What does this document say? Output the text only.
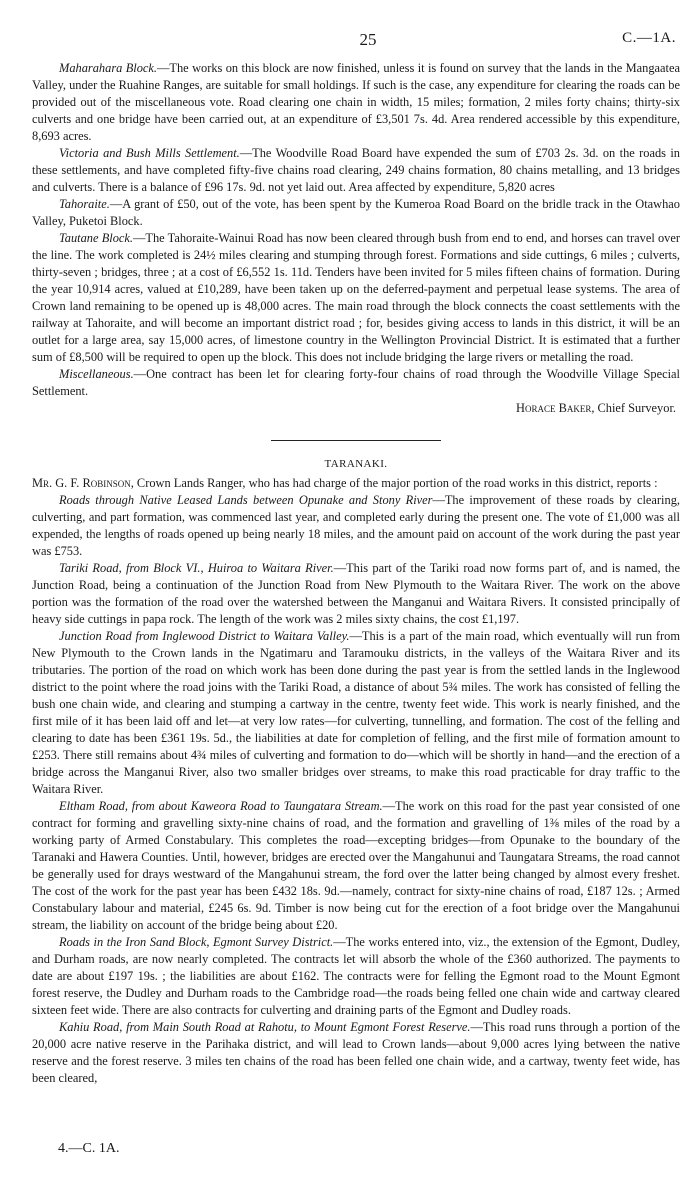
25	C.—1A.

Maharahara Block.—The works on this block are now finished, unless it is found on survey that the lands in the Mangaatea Valley, under the Ruahine Ranges, are suitable for small holdings. If such is the case, any expenditure for clearing the roads can be provided out of the miscellaneous vote. Road clearing one chain in width, 15 miles; formation, 2 miles forty chains; thirty-six culverts and one bridge have been carried out, at an expenditure of £3,501 7s. 4d. Area rendered accessible by this expenditure, 8,693 acres.

Victoria and Bush Mills Settlement.—The Woodville Road Board have expended the sum of £703 2s. 3d. on the roads in these settlements, and have completed fifty-five chains road clearing, 249 chains formation, 80 chains metalling, and 13 bridges and culverts. There is a balance of £96 17s. 9d. not yet laid out. Area affected by expenditure, 5,820 acres

Tahoraite.—A grant of £50, out of the vote, has been spent by the Kumeroa Road Board on the bridle track in the Otawhao Valley, Puketoi Block.

Tautane Block.—The Tahoraite-Wainui Road has now been cleared through bush from end to end, and horses can travel over the line. The work completed is 24½ miles clearing and stumping through forest. Formations and side cuttings, 6 miles ; culverts, thirty-seven ; bridges, three ; at a cost of £6,552 1s. 11d. Tenders have been invited for 5 miles fifteen chains of formation. During the year 10,914 acres, valued at £10,289, have been taken up on the deferred-payment and perpetual lease systems. The area of Crown land remaining to be opened up is 48,000 acres. The main road through the block connects the coast settlements with the railway at Tahoraite, and will become an important district road ; for, besides giving access to lands in this district, it will be an outlet for a large area, say 15,000 acres, of limestone country in the Wellington Provincial District. It is estimated that a further sum of £8,500 will be required to open up the block. This does not include bridging the large rivers or metalling the road.

Miscellaneous.—One contract has been let for clearing forty-four chains of road through the Woodville Village Special Settlement.

Horace Baker, Chief Surveyor.
TARANAKI.

Mr. G. F. Robinson, Crown Lands Ranger, who has had charge of the major portion of the road works in this district, reports :

Roads through Native Leased Lands between Opunake and Stony River—The improvement of these roads by clearing, culverting, and part formation, was commenced last year, and completed early during the present one. The vote of £1,000 was all expended, the lengths of roads opened up being nearly 18 miles, and the amount paid on account of the work during the past year was £753.

Tariki Road, from Block VI., Huiroa to Waitara River.—This part of the Tariki road now forms part of, and is named, the Junction Road, being a continuation of the Junction Road from New Plymouth to the Waitara River. The work on the above portion was the formation of the road over the watershed between the Manganui and Waitara Rivers. It consisted principally of heavy side cuttings in papa rock. The length of the work was 2 miles sixty chains, the cost £1,197.

Junction Road from Inglewood District to Waitara Valley.—This is a part of the main road, which eventually will run from New Plymouth to the Crown lands in the Ngatimaru and Taramouku districts, in the valleys of the Waitara River and its tributaries. The portion of the road on which work has been done during the past year is from the settled lands in the Inglewood district to the point where the road joins with the Tariki Road, a distance of about 5¾ miles. The work has consisted of felling the bush one chain wide, and clearing and stumping a cartway in the centre, twenty feet wide. This work is nearly finished, and the first mile of it has been laid off and let—at very low rates—for culverting, tunnelling, and formation. The cost of the felling and clearing to date has been £361 19s. 5d., the liabilities at date for completion of felling, and the first mile of formation amount to £253. There still remains about 4¾ miles of culverting and formation to do—which will be shortly in hand—and the erection of a bridge across the Manganui River, also two smaller bridges over streams, to make this road practicable for dray traffic to the Waitara River.

Eltham Road, from about Kaweora Road to Taungatara Stream.—The work on this road for the past year consisted of one contract for forming and gravelling sixty-nine chains of road, and the formation and gravelling of 1⅜ miles of the road by a working party of Armed Constabulary. This completes the road—excepting bridges—from Opunake to the boundary of the Taranaki and Hawera Counties. Until, however, bridges are erected over the Mangahunui and Taungatara Streams, the road cannot be generally used for drays westward of the Mangahunui stream, the ford over the latter being changed by almost every freshet. The cost of the work for the past year has been £432 18s. 9d.—namely, contract for sixty-nine chains of road, £187 12s. ; Armed Constabulary labour and material, £245 6s. 9d. Timber is now being cut for the erection of a foot bridge over the Mangahunui stream, the liability on account of the bridge being about £20.

Roads in the Iron Sand Block, Egmont Survey District.—The works entered into, viz., the extension of the Egmont, Dudley, and Durham roads, are now nearly completed. The contracts let will absorb the whole of the £360 authorized. The payments to date are about £197 19s. ; the liabilities are about £162. The contracts were for felling the Egmont road to the Mount Egmont forest reserve, the Dudley and Durham roads to the Cambridge road—the roads being felled one chain wide and cartway cleared sixteen feet wide. There are also contracts for culverting and draining parts of the Egmont and Dudley roads.

Kahiu Road, from Main South Road at Rahotu, to Mount Egmont Forest Reserve.—This road runs through a portion of the 20,000 acre native reserve in the Parihaka district, and will lead to Crown lands—about 9,000 acres lying between the native reserve and the forest reserve. 3 miles ten chains of the road has been felled one chain wide, and a cartway, twenty feet wide, has been cleared,

4.—C. 1A.
